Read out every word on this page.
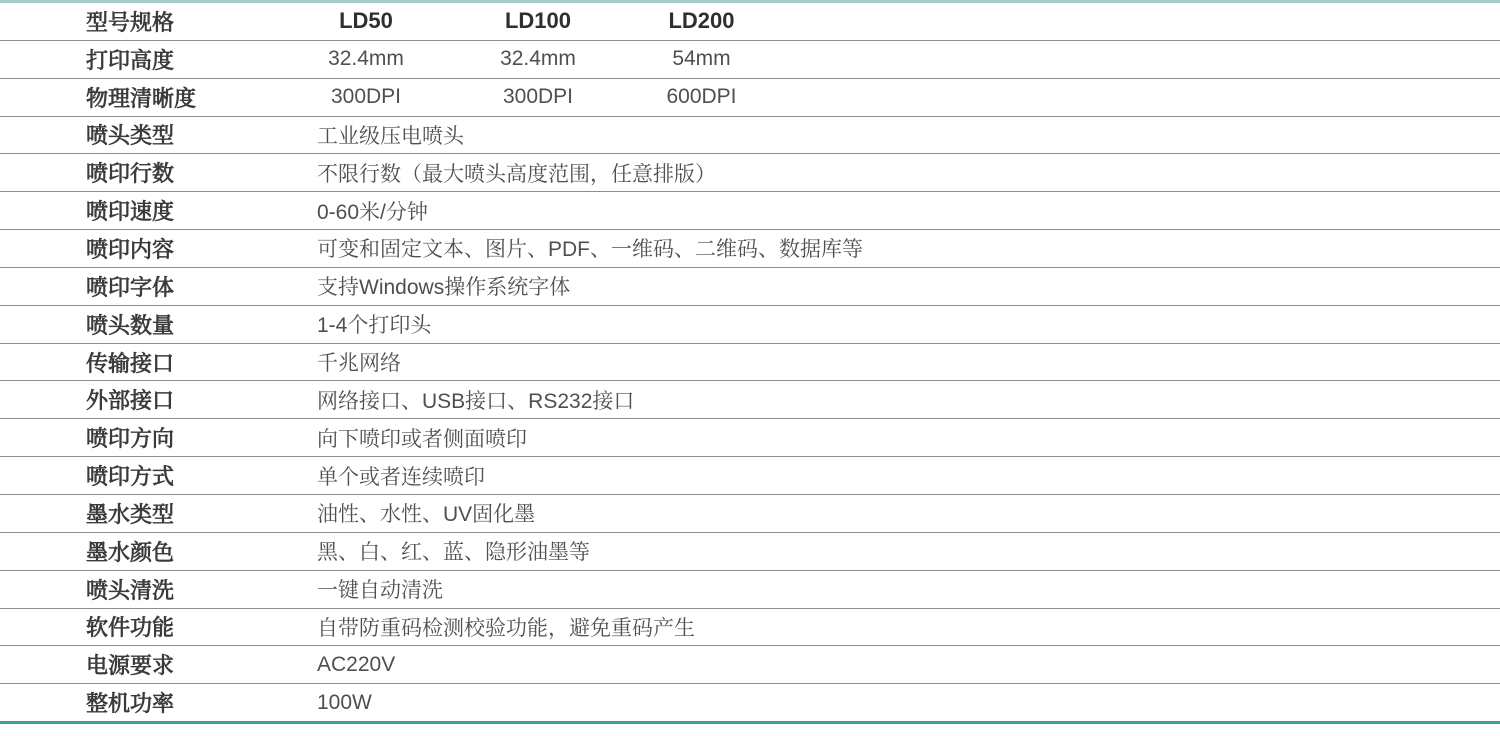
型号规格	LD50	LD100	LD200
打印高度	32.4mm	32.4mm	54mm
物理清晰度	300DPI	300DPI	600DPI
喷头类型	工业级压电喷头
喷印行数	不限行数（最大喷头高度范围，任意排版）
喷印速度	0-60米/分钟
喷印内容	可变和固定文本、图片、PDF、一维码、二维码、数据库等
喷印字体	支持Windows操作系统字体
喷头数量	1-4个打印头
传输接口	千兆网络
外部接口	网络接口、USB接口、RS232接口
喷印方向	向下喷印或者侧面喷印
喷印方式	单个或者连续喷印
墨水类型	油性、水性、UV固化墨
墨水颜色	黑、白、红、蓝、隐形油墨等
喷头清洗	一键自动清洗
软件功能	自带防重码检测校验功能，避免重码产生
电源要求	AC220V
整机功率	100W
